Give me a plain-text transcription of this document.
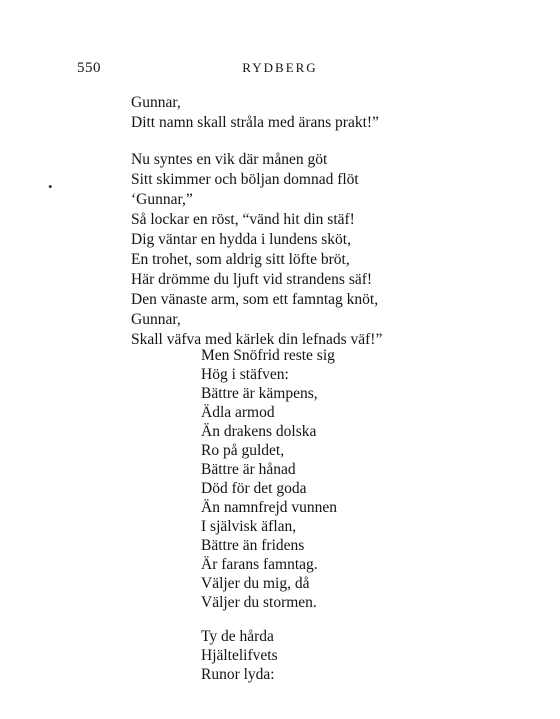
550	RYDBERG
•
Gunnar,
Ditt namn skall stråla med ärans prakt!”
Nu syntes en vik där månen göt
Sitt skimmer och böljan domnad flöt
‘Gunnar,”
Så lockar en röst, “vänd hit din stäf!
Dig väntar en hydda i lundens sköt,
En trohet, som aldrig sitt löfte bröt,
Här drömme du ljuft vid strandens säf!
Den vänaste arm, som ett famntag knöt,
Gunnar,
Skall väfva med kärlek din lefnads väf!”
Men Snöfrid reste sig
Hög i stäfven:
Bättre är kämpens,
Ädla armod
Än drakens dolska
Ro på guldet,
Bättre är hånad
Död för det goda
Än namnfrejd vunnen
I självisk äflan,
Bättre än fridens
Är farans famntag.
Väljer du mig, då
Väljer du stormen.
Ty de hårda
Hjältelifvets
Runor lyda:
